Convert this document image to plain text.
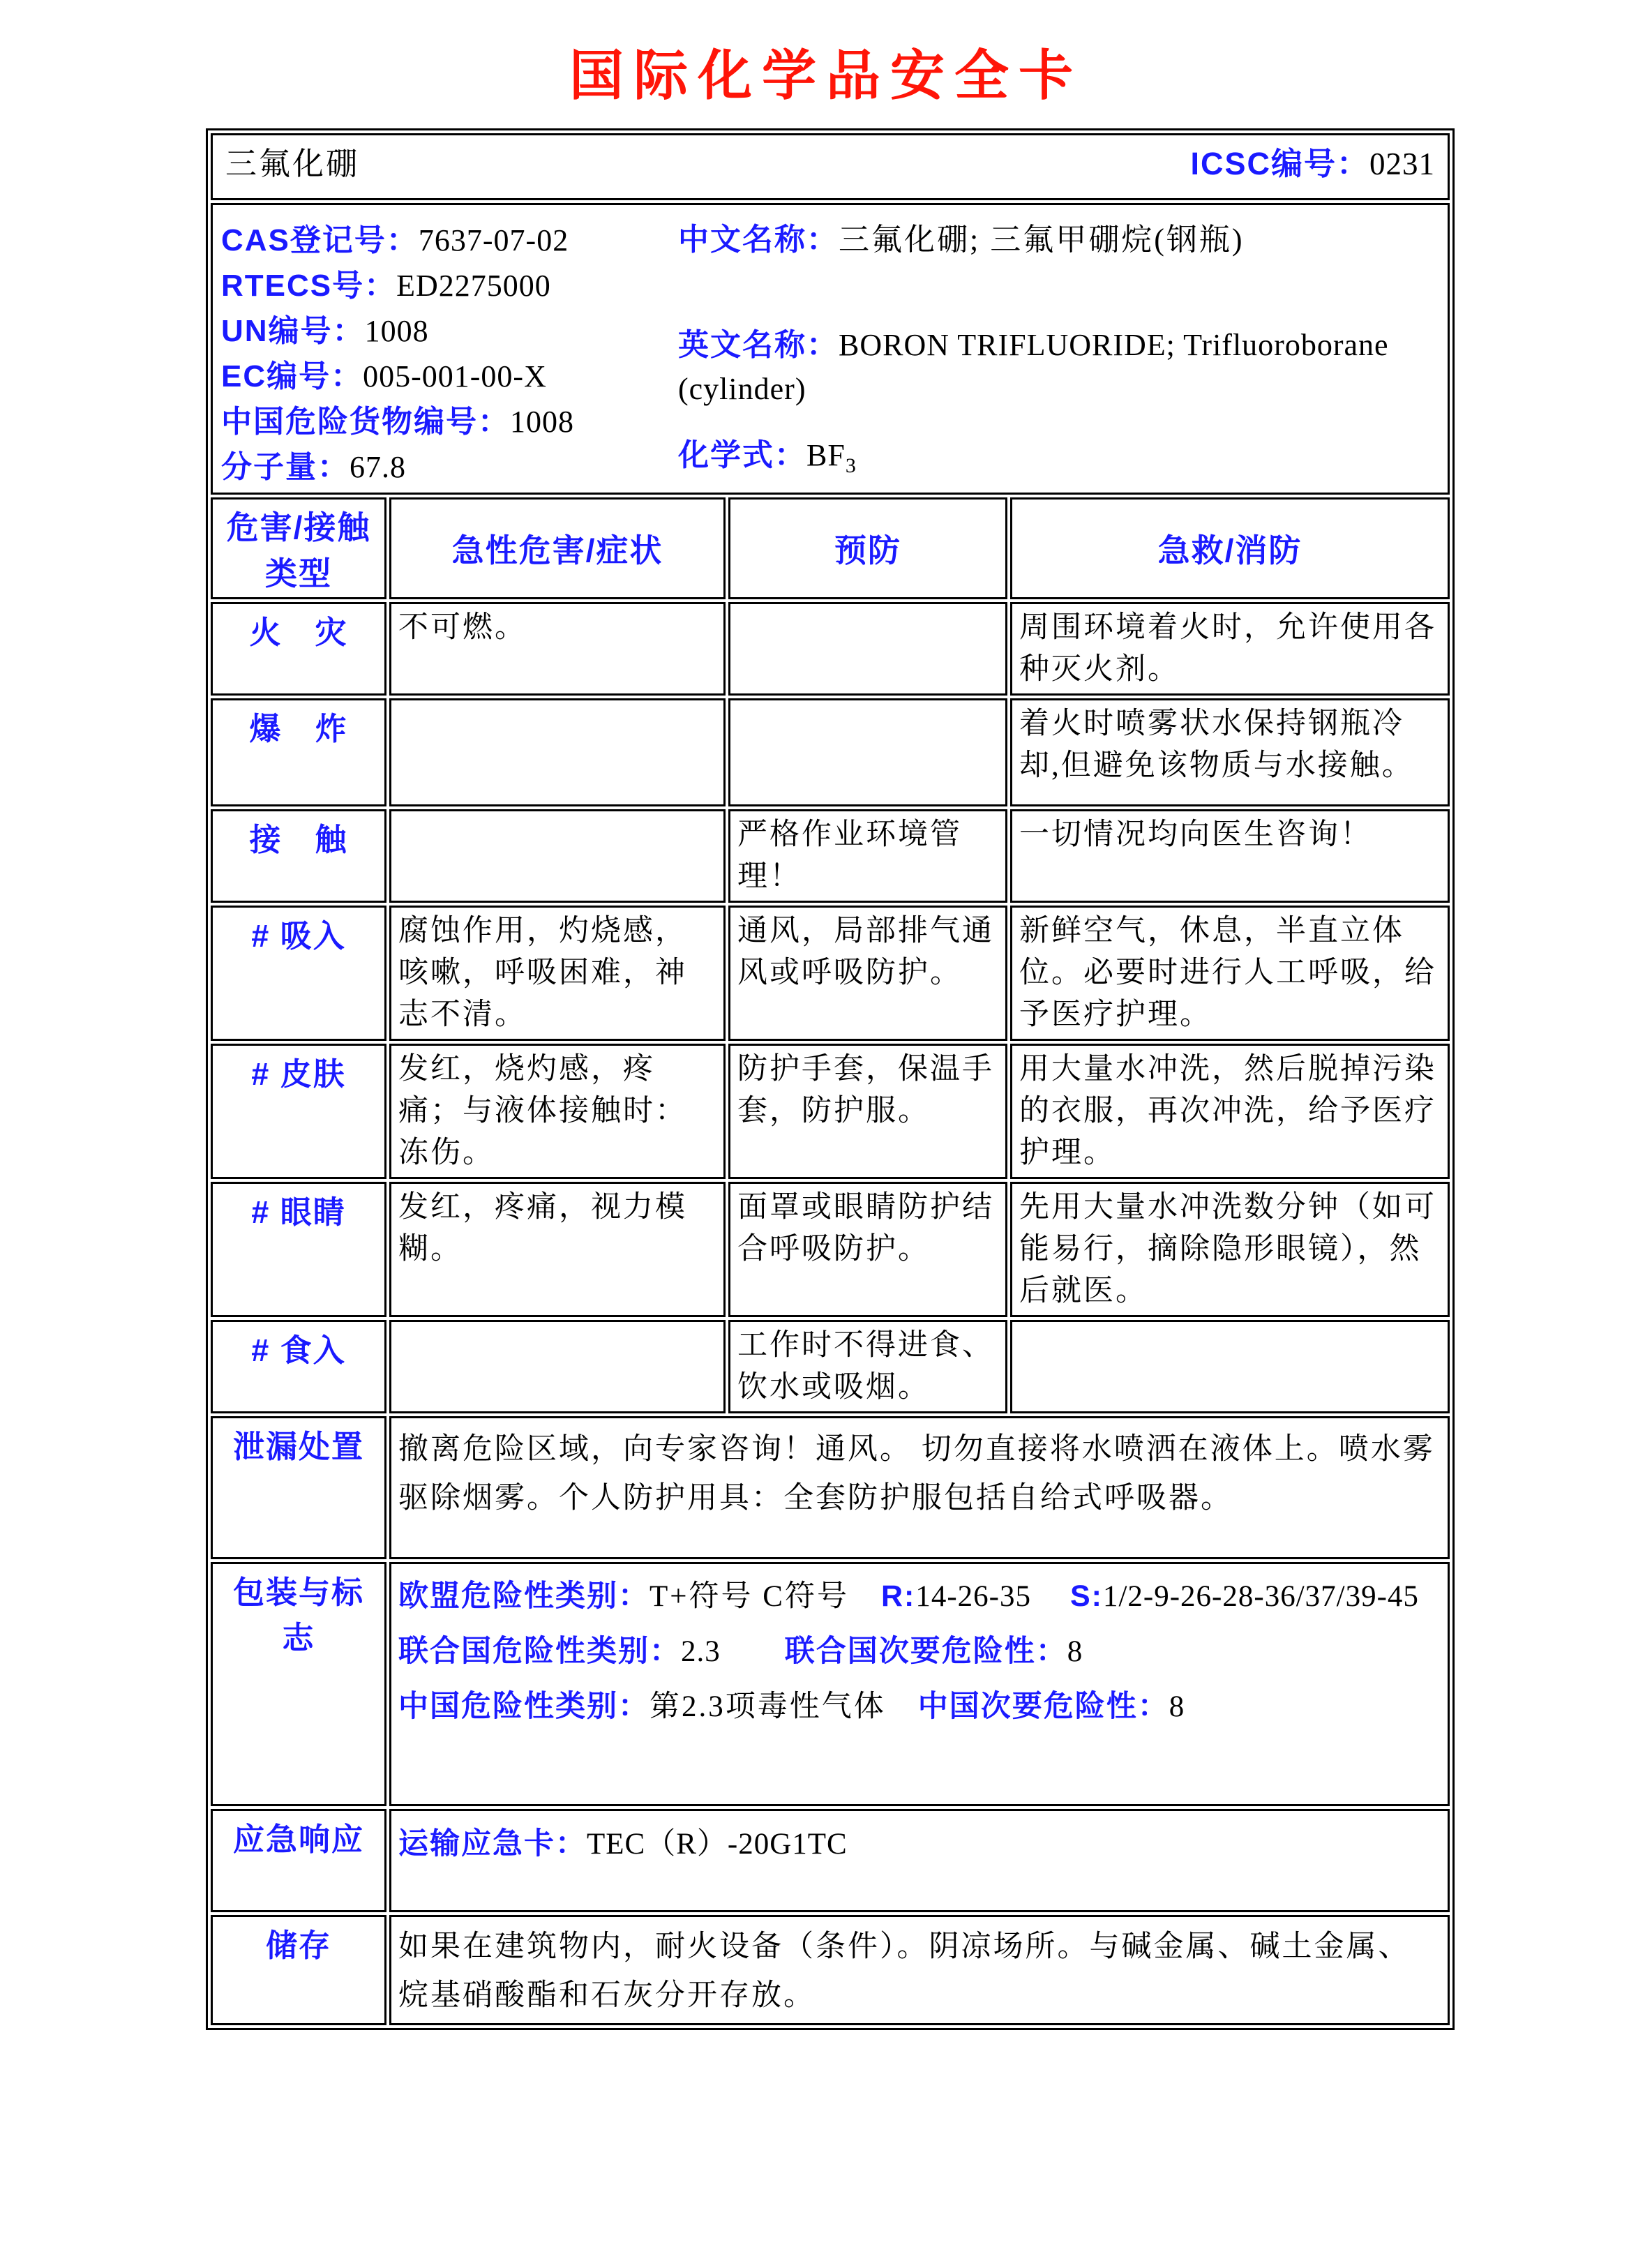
国际化学品安全卡
三氟化硼 ICSC编号：0231			

CAS登记号：7637-07-02

RTECS号：ED2275000

UN编号：1008

EC编号：005-001-00-X

中国危险货物编号：1008

分子量：67.8

中文名称：三氟化硼; 三氟甲硼烷(钢瓶)

英文名称：BORON TRIFLUORIDE; Trifluoroborane (cylinder)

化学式：$BF_3$

危害/接触类型	急性危害/症状	预防	急救/消防
火　灾	不可燃。		周围环境着火时，允许使用各种灭火剂。
爆　炸			着火时喷雾状水保持钢瓶冷却,但避免该物质与水接触。
接　触		严格作业环境管理！	一切情况均向医生咨询！
# 吸入	腐蚀作用，灼烧感，咳嗽，呼吸困难，神志不清。	通风，局部排气通风或呼吸防护。	新鲜空气，休息，半直立体位。必要时进行人工呼吸，给予医疗护理。
# 皮肤	发红，烧灼感，疼痛；与液体接触时：冻伤。	防护手套，保温手套，防护服。	用大量水冲洗，然后脱掉污染的衣服，再次冲洗，给予医疗护理。
# 眼睛	发红，疼痛，视力模糊。	面罩或眼睛防护结合呼吸防护。	先用大量水冲洗数分钟（如可能易行，摘除隐形眼镜），然后就医。
# 食入		工作时不得进食、饮水或吸烟。	
泄漏处置	撤离危险区域，向专家咨询！通风。 切勿直接将水喷洒在液体上。喷水雾驱除烟雾。个人防护用具：全套防护服包括自给式呼吸器。		
包装与标志	欧盟危险性类别：T+符号 C符号 R:14-26-35 S:1/2-9-26-28-36/37/39-45

联合国危险性类别：2.3 联合国次要危险性：8

中国危险性类别：第2.3项毒性气体 中国次要危险性：8		

应急响应	运输应急卡：TEC（R）-20G1TC		
储存	如果在建筑物内，耐火设备（条件）。阴凉场所。与碱金属、碱土金属、烷基硝酸酯和石灰分开存放。		
